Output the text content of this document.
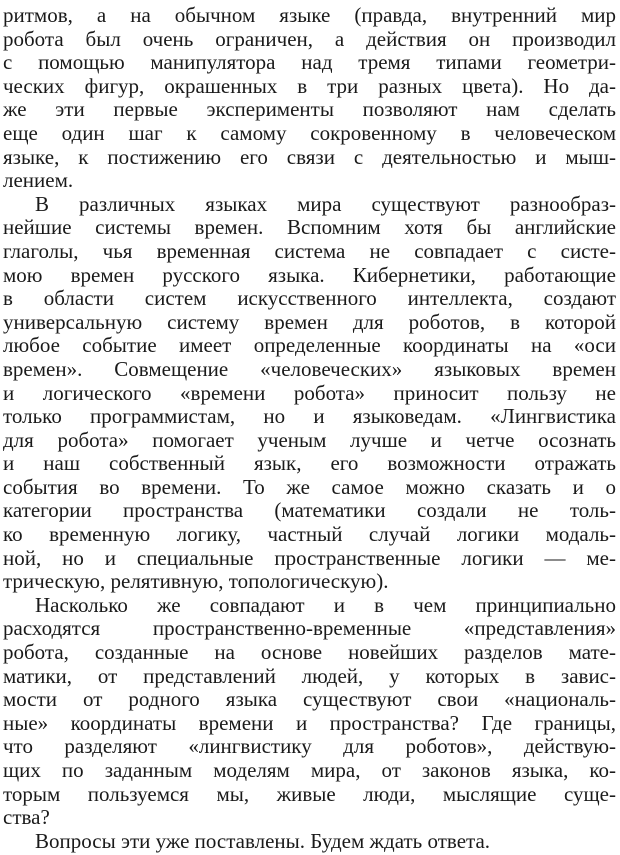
ритмов, а на обычном языке (правда, внутренний мир
робота был очень ограничен, а действия он производил
с помощью манипулятора над тремя типами геометри-
ческих фигур, окрашенных в три разных цвета). Но да-
же эти первые эксперименты позволяют нам сделать
еще один шаг к самому сокровенному в человеческом
языке, к постижению его связи с деятельностью и мыш-
лением.
В различных языках мира существуют разнообраз-
нейшие системы времен. Вспомним хотя бы английские
глаголы, чья временная система не совпадает с систе-
мою времен русского языка. Кибернетики, работающие
в области систем искусственного интеллекта, создают
универсальную систему времен для роботов, в которой
любое событие имеет определенные координаты на «оси
времен». Совмещение «человеческих» языковых времен
и логического «времени робота» приносит пользу не
только программистам, но и языковедам. «Лингвистика
для робота» помогает ученым лучше и четче осознать
и наш собственный язык, его возможности отражать
события во времени. То же самое можно сказать и о
категории пространства (математики создали не толь-
ко временную логику, частный случай логики модаль-
ной, но и специальные пространственные логики — ме-
трическую, релятивную, топологическую).
Насколько же совпадают и в чем принципиально
расходятся пространственно-временные «представления»
робота, созданные на основе новейших разделов мате-
матики, от представлений людей, у которых в завис-
мости от родного языка существуют свои «националь-
ные» координаты времени и пространства? Где границы,
что разделяют «лингвистику для роботов», действую-
щих по заданным моделям мира, от законов языка, ко-
торым пользуемся мы, живые люди, мыслящие суще-
ства?
Вопросы эти уже поставлены. Будем ждать ответа.
